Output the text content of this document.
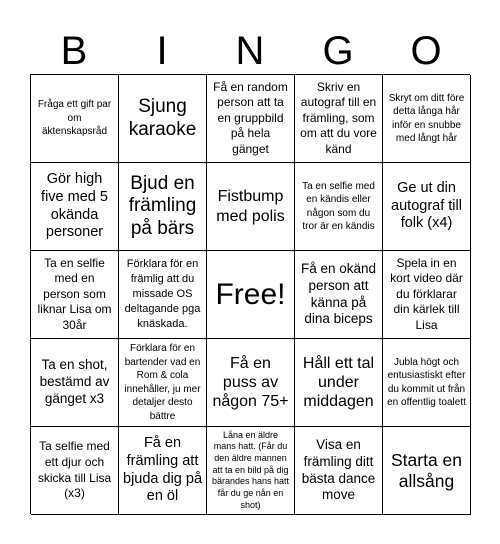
B	I	N	G	O
Fråga ett gift par om äktenskapsråd
Sjung karaoke
Få en random person att ta en gruppbild på hela gänget
Skriv en autograf till en främling, som om att du vore känd
Skryt om ditt före detta långa hår inför en snubbe med långt hår
Gör high five med 5 okända personer
Bjud en främling på bärs
Fistbump med polis
Ta en selfie med en kändis eller någon som du tror är en kändis
Ge ut din autograf till folk (x4)
Ta en selfie med en person som liknar Lisa om 30år
Förklara för en främlig att du missade OS deltagande pga knäskada.
Free!
Få en okänd person att känna på dina biceps
Spela in en kort video där du förklarar din kärlek till Lisa
Ta en shot, bestämd av gänget x3
Förklara för en bartender vad en Rom & cola innehåller, ju mer detaljer desto bättre
Få en puss av någon 75+
Håll ett tal under middagen
Jubla högt och entusiastiskt efter du kommit ut från en offentlig toalett
Ta selfie med ett djur och skicka till Lisa (x3)
Få en främling att bjuda dig på en öl
Låna en äldre mans hatt. (Får du den äldre mannen att ta en bild på dig bärandes hans hatt får du ge nån en shot)
Visa en främling ditt bästa dance move
Starta en allsång
